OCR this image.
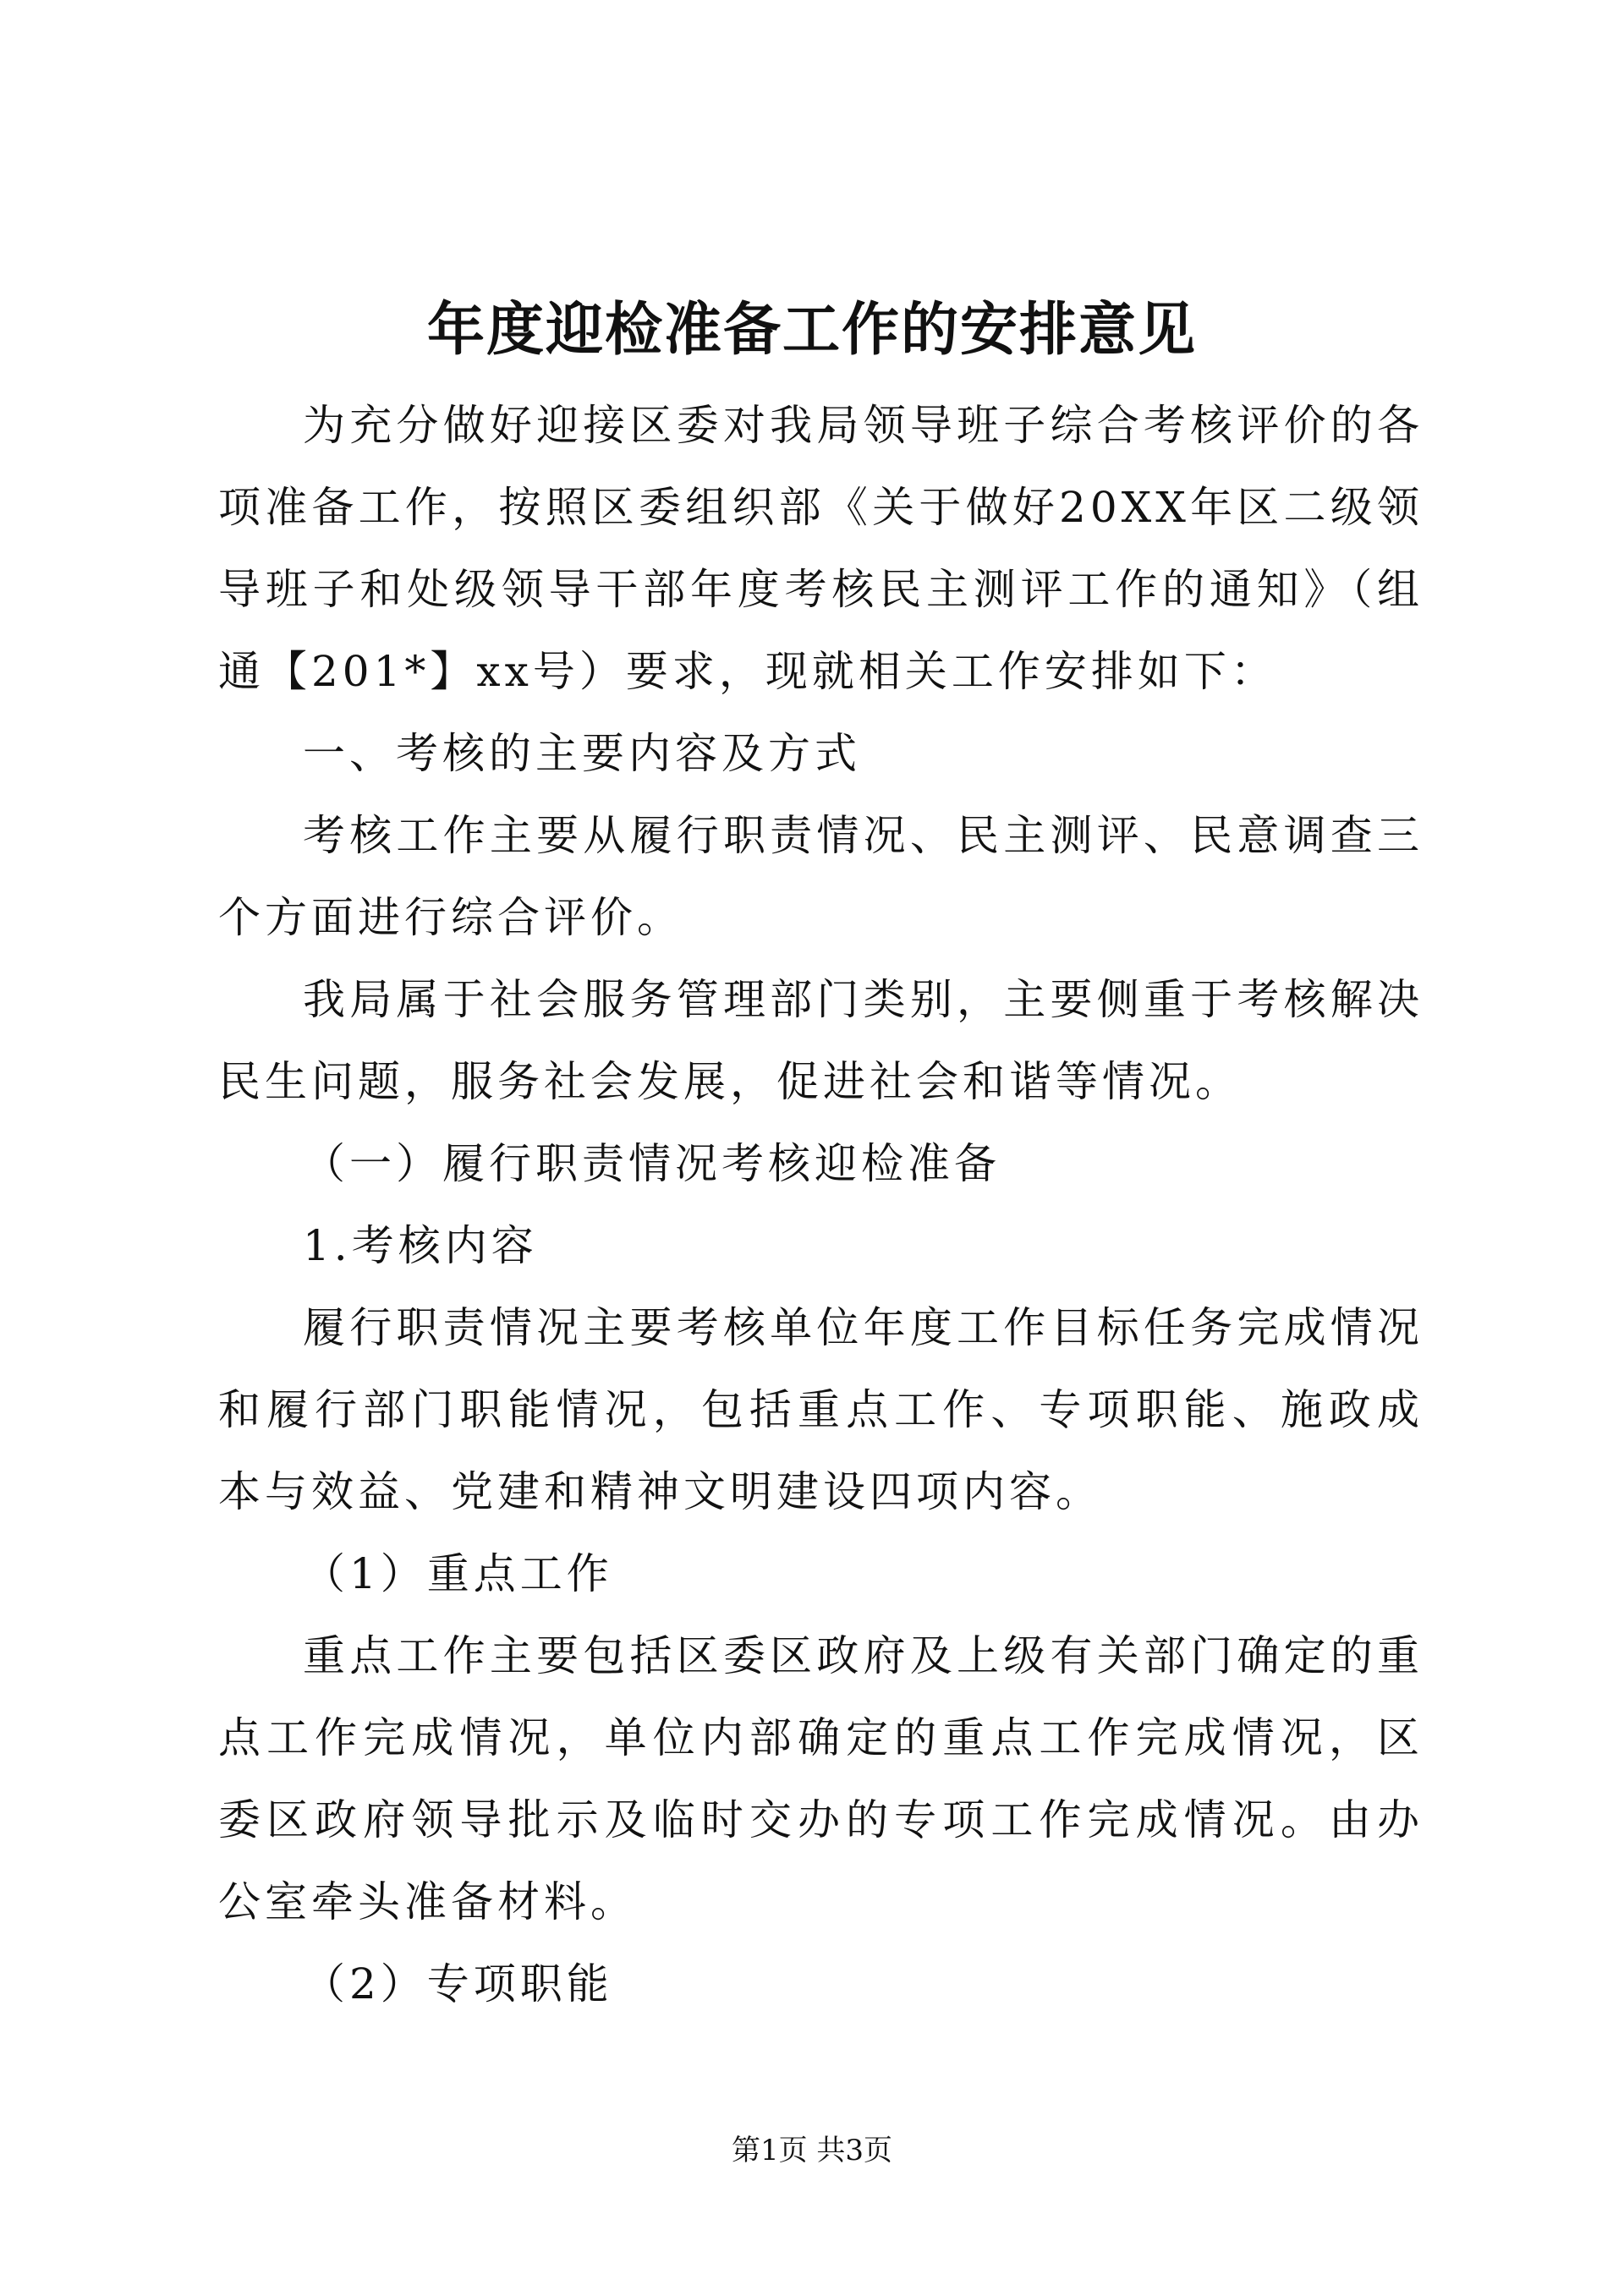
年度迎检准备工作的安排意见

为充分做好迎接区委对我局领导班子综合考核评价的各项准备工作，按照区委组织部《关于做好20XX年区二级领导班子和处级领导干部年度考核民主测评工作的通知》（组通【201*】xx号）要求，现就相关工作安排如下：

一、考核的主要内容及方式

考核工作主要从履行职责情况、民主测评、民意调查三个方面进行综合评价。

我局属于社会服务管理部门类别，主要侧重于考核解决民生问题，服务社会发展，促进社会和谐等情况。

（一）履行职责情况考核迎检准备

1.考核内容

履行职责情况主要考核单位年度工作目标任务完成情况和履行部门职能情况，包括重点工作、专项职能、施政成本与效益、党建和精神文明建设四项内容。

（1）重点工作

重点工作主要包括区委区政府及上级有关部门确定的重点工作完成情况，单位内部确定的重点工作完成情况，区委区政府领导批示及临时交办的专项工作完成情况。由办公室牵头准备材料。

（2）专项职能

第1页 共3页
